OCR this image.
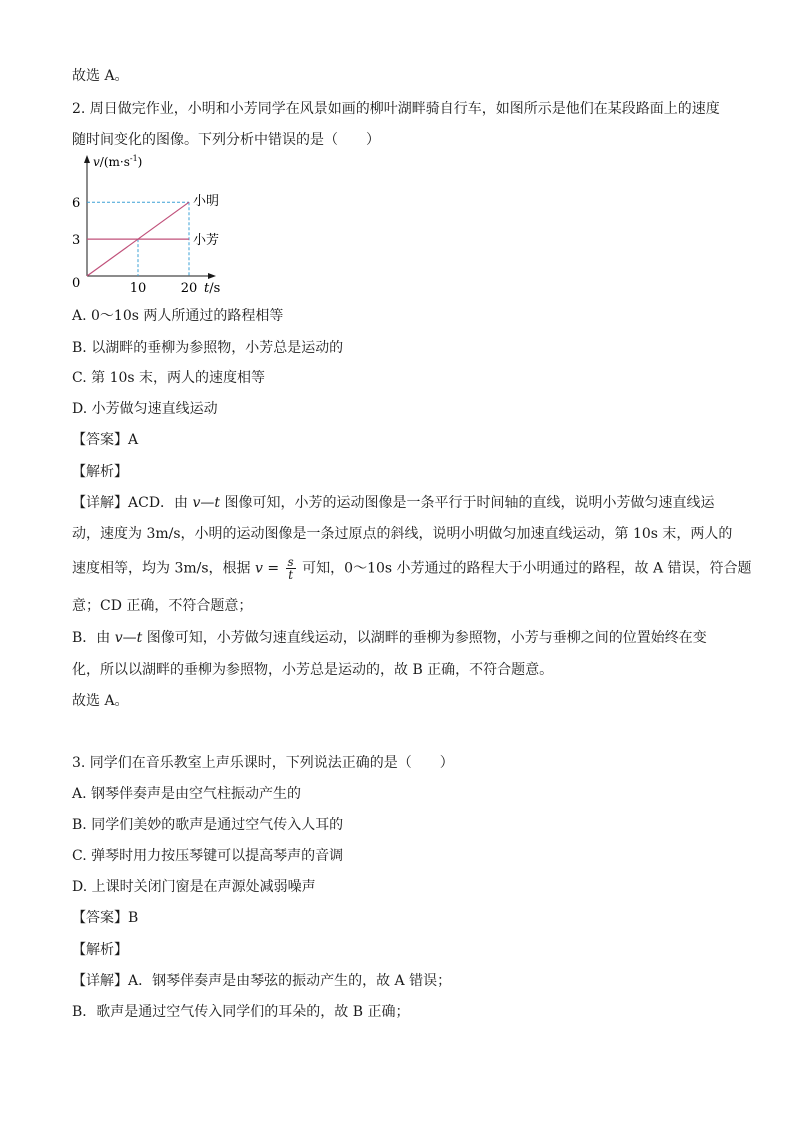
故选 A。
2. 周日做完作业，小明和小芳同学在风景如画的柳叶湖畔骑自行车，如图所示是他们在某段路面上的速度
随时间变化的图像。下列分析中错误的是（　　）
$v/(m\cdot s^{-1})$
0
6
3
10	20 t/s
小明
小芳
A. 0～10s 两人所通过的路程相等
B. 以湖畔的垂柳为参照物，小芳总是运动的
C. 第 10s 末，两人的速度相等
D. 小芳做匀速直线运动
【答案】A
【解析】
【详解】ACD．由 v—t 图像可知，小芳的运动图像是一条平行于时间轴的直线，说明小芳做匀速直线运
动，速度为 3m/s，小明的运动图像是一条过原点的斜线，说明小明做匀加速直线运动，第 10s 末，两人的
速度相等，均为 3m/s，根据 $v = \frac{s}{t}$ 可知，0～10s 小芳通过的路程大于小明通过的路程，故 A 错误，符合题
意；CD 正确，不符合题意；
B．由 v—t 图像可知，小芳做匀速直线运动，以湖畔的垂柳为参照物，小芳与垂柳之间的位置始终在变
化，所以以湖畔的垂柳为参照物，小芳总是运动的，故 B 正确，不符合题意。
故选 A。
3. 同学们在音乐教室上声乐课时，下列说法正确的是（　　）
A. 钢琴伴奏声是由空气柱振动产生的
B. 同学们美妙的歌声是通过空气传入人耳的
C. 弹琴时用力按压琴键可以提高琴声的音调
D. 上课时关闭门窗是在声源处减弱噪声
【答案】B
【解析】
【详解】A．钢琴伴奏声是由琴弦的振动产生的，故 A 错误；
B．歌声是通过空气传入同学们的耳朵的，故 B 正确；
